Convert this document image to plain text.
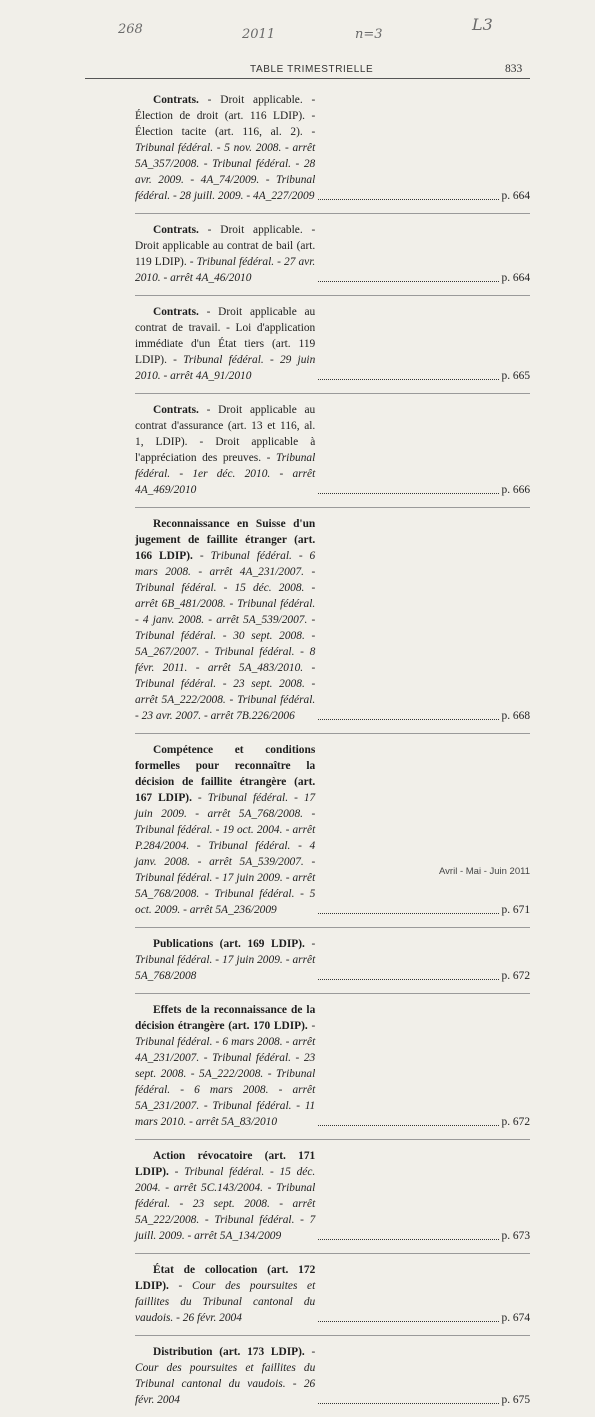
268	2011	n=3
L3
TABLE TRIMESTRIELLE	833
Contrats. - Droit applicable. - Élection de droit (art. 116 LDIP). - Élection tacite (art. 116, al. 2). - Tribunal fédéral. - 5 nov. 2008. - arrêt 5A_357/2008. - Tribunal fédéral. - 28 avr. 2009. - 4A_74/2009. - Tribunal fédéral. - 28 juill. 2009. - 4A_227/2009	p. 664
Contrats. - Droit applicable. - Droit applicable au contrat de bail (art. 119 LDIP). - Tribunal fédéral. - 27 avr. 2010. - arrêt 4A_46/2010	p. 664
Contrats. - Droit applicable au contrat de travail. - Loi d'application immédiate d'un État tiers (art. 119 LDIP). - Tribunal fédéral. - 29 juin 2010. - arrêt 4A_91/2010	p. 665
Contrats. - Droit applicable au contrat d'assurance (art. 13 et 116, al. 1, LDIP). - Droit applicable à l'appréciation des preuves. - Tribunal fédéral. - 1er déc. 2010. - arrêt 4A_469/2010	p. 666
Reconnaissance en Suisse d'un jugement de faillite étranger (art. 166 LDIP). - Tribunal fédéral. - 6 mars 2008. - arrêt 4A_231/2007. - Tribunal fédéral. - 15 déc. 2008. - arrêt 6B_481/2008. - Tribunal fédéral. - 4 janv. 2008. - arrêt 5A_539/2007. - Tribunal fédéral. - 30 sept. 2008. - 5A_267/2007. - Tribunal fédéral. - 8 févr. 2011. - arrêt 5A_483/2010. - Tribunal fédéral. - 23 sept. 2008. - arrêt 5A_222/2008. - Tribunal fédéral. - 23 avr. 2007. - arrêt 7B.226/2006	p. 668
Compétence et conditions formelles pour reconnaître la décision de faillite étrangère (art. 167 LDIP). - Tribunal fédéral. - 17 juin 2009. - arrêt 5A_768/2008. - Tribunal fédéral. - 19 oct. 2004. - arrêt P.284/2004. - Tribunal fédéral. - 4 janv. 2008. - arrêt 5A_539/2007. - Tribunal fédéral. - 17 juin 2009. - arrêt 5A_768/2008. - Tribunal fédéral. - 5 oct. 2009. - arrêt 5A_236/2009	p. 671
Publications (art. 169 LDIP). - Tribunal fédéral. - 17 juin 2009. - arrêt 5A_768/2008	p. 672
Effets de la reconnaissance de la décision étrangère (art. 170 LDIP). - Tribunal fédéral. - 6 mars 2008. - arrêt 4A_231/2007. - Tribunal fédéral. - 23 sept. 2008. - 5A_222/2008. - Tribunal fédéral. - 6 mars 2008. - arrêt 5A_231/2007. - Tribunal fédéral. - 11 mars 2010. - arrêt 5A_83/2010	p. 672
Action révocatoire (art. 171 LDIP). - Tribunal fédéral. - 15 déc. 2004. - arrêt 5C.143/2004. - Tribunal fédéral. - 23 sept. 2008. - arrêt 5A_222/2008. - Tribunal fédéral. - 7 juill. 2009. - arrêt 5A_134/2009	p. 673
État de collocation (art. 172 LDIP). - Cour des poursuites et faillites du Tribunal cantonal du vaudois. - 26 févr. 2004	p. 674
Distribution (art. 173 LDIP). - Cour des poursuites et faillites du Tribunal cantonal du vaudois. - 26 févr. 2004	p. 675
Avril - Mai - Juin 2011
